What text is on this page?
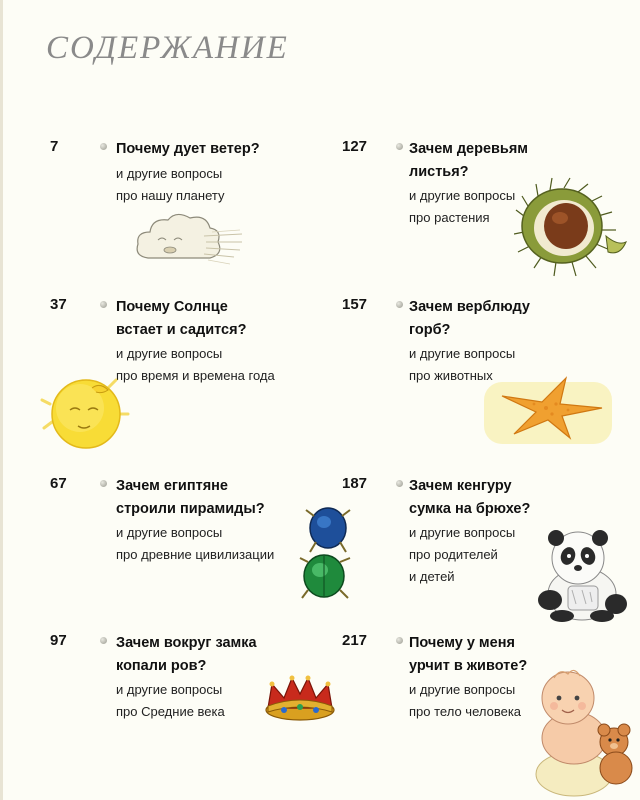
СОДЕРЖАНИЕ
7	Почему дует ветер?
и другие вопросы
про нашу планету
127	Зачем деревьям
листья?
и другие вопросы
про растения
37	Почему Солнце
встает и садится?
и другие вопросы
про время и времена года
157	Зачем верблюду
горб?
и другие вопросы
про животных
67	Зачем египтяне
строили пирамиды?
и другие вопросы
про древние цивилизации
187	Зачем кенгуру
сумка на брюхе?
и другие вопросы
про родителей
и детей
97	Зачем вокруг замка
копали ров?
и другие вопросы
про Средние века
217	Почему у меня
урчит в животе?
и другие вопросы
про тело человека
